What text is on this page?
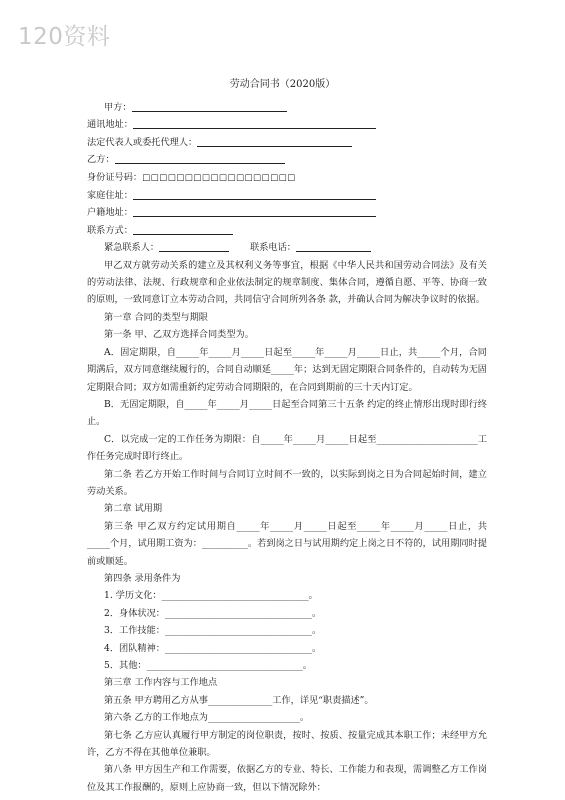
120资料
劳动合同书（2020版）
甲方：
通讯地址：
法定代表人或委托代理人：
乙方：
身份证号码：□□□□□□□□□□□□□□□□□□
家庭住址：
户籍地址：
联系方式：
紧急联系人：	联系电话：
甲乙双方就劳动关系的建立及其权利义务等事宜，根据《中华人民共和国劳动合同法》及有关的劳动法律、法规、行政规章和企业依法制定的规章制度、集体合同，遵循自愿、平等、协商一致的原则，一致同意订立本劳动合同，共同信守合同所列各条 款，并确认合同为解决争议时的依据。
第一章 合同的类型与期限
第一条 甲、乙双方选择合同类型为。
A．固定期限，自_____年_____月_____日起至_____年_____月_____日止，共_____个月，合同期满后，双方同意继续履行的，合同自动顺延_____年；达到无固定期限合同条件的，自动转为无固定期限合同；双方如需重新约定劳动合同期限的，在合同到期前的三十天内订定。
B．无固定期限，自_____年_____月_____日起至合同第三十五条 约定的终止情形出现时即行终止。
C．以完成一定的工作任务为期限：自_____年_____月_____日起至______________________工作任务完成时即行终止。
第二条 若乙方开始工作时间与合同订立时间不一致的，以实际到岗之日为合同起始时间，建立劳动关系。
第二章 试用期
第三条 甲乙双方约定试用期自_____年_____月_____日起至_____年_____月_____日止，共_____个月，试用期工资为：__________。若到岗之日与试用期约定上岗之日不符的，试用期同时提前或顺延。
第四条 录用条件为
1. 学历文化：________________________________。
2．身体状况：________________________________。
3．工作技能：________________________________。
4．团队精神：________________________________。
5．其他：__________________________________。
第三章 工作内容与工作地点
第五条 甲方聘用乙方从事______________工作，详见“职责描述”。
第六条 乙方的工作地点为____________________。
第七条 乙方应认真履行甲方制定的岗位职责，按时、按质、按量完成其本职工作；未经甲方允许，乙方不得在其他单位兼职。
第八条 甲方因生产和工作需要，依据乙方的专业、特长、工作能力和表现，需调整乙方工作岗位及其工作报酬的，原则上应协商一致，但以下情况除外：
